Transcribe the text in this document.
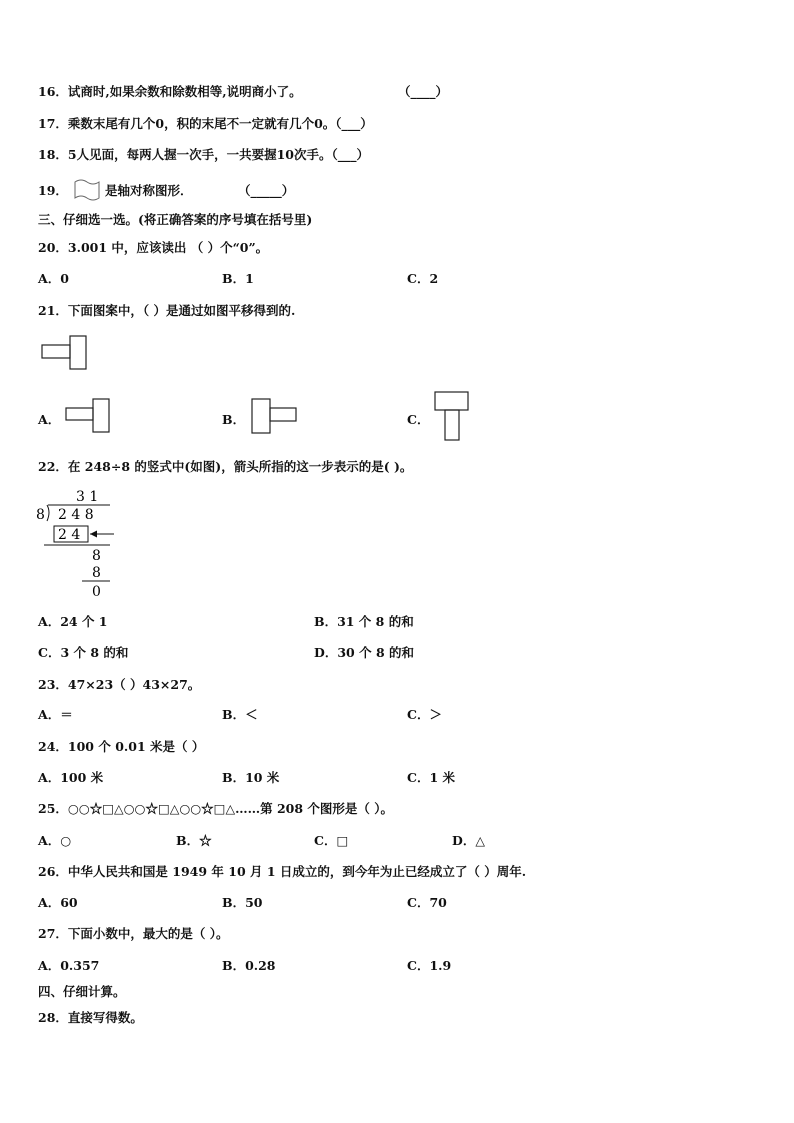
16．试商时,如果余数和除数相等,说明商小了。	（____）
17．乘数末尾有几个0，积的末尾不一定就有几个0。（___）
18．5人见面，每两人握一次手，一共要握10次手。（___）
19．	是轴对称图形．	（_____）
三、仔细选一选。(将正确答案的序号填在括号里)
20．3.001 中，应该读出 （ ）个“0”。
A．0	B．1	C．2
21．下面图案中，（ ）是通过如图平移得到的.
A．	B．	C．
22．在 248÷8 的竖式中(如图)，箭头所指的这一步表示的是( )。
3 1
8 2 4 8
2 4
8
8
0
A．24 个 1	B．31 个 8 的和
C．3 个 8 的和	D．30 个 8 的和
23．47×23（ ）43×27。
A．＝	B．＜	C．＞
24．100 个 0.01 米是（ ）
A．100 米	B．10 米	C．1 米
25．○○☆□△○○☆□△○○☆□△……第 208 个图形是（ ）。
A．○	B．☆	C．□	D．△
26．中华人民共和国是 1949 年 10 月 1 日成立的，到今年为止已经成立了（ ）周年.
A．60	B．50	C．70
27．下面小数中，最大的是（ ）。
A．0.357	B．0.28	C．1.9
四、仔细计算。
28．直接写得数。
